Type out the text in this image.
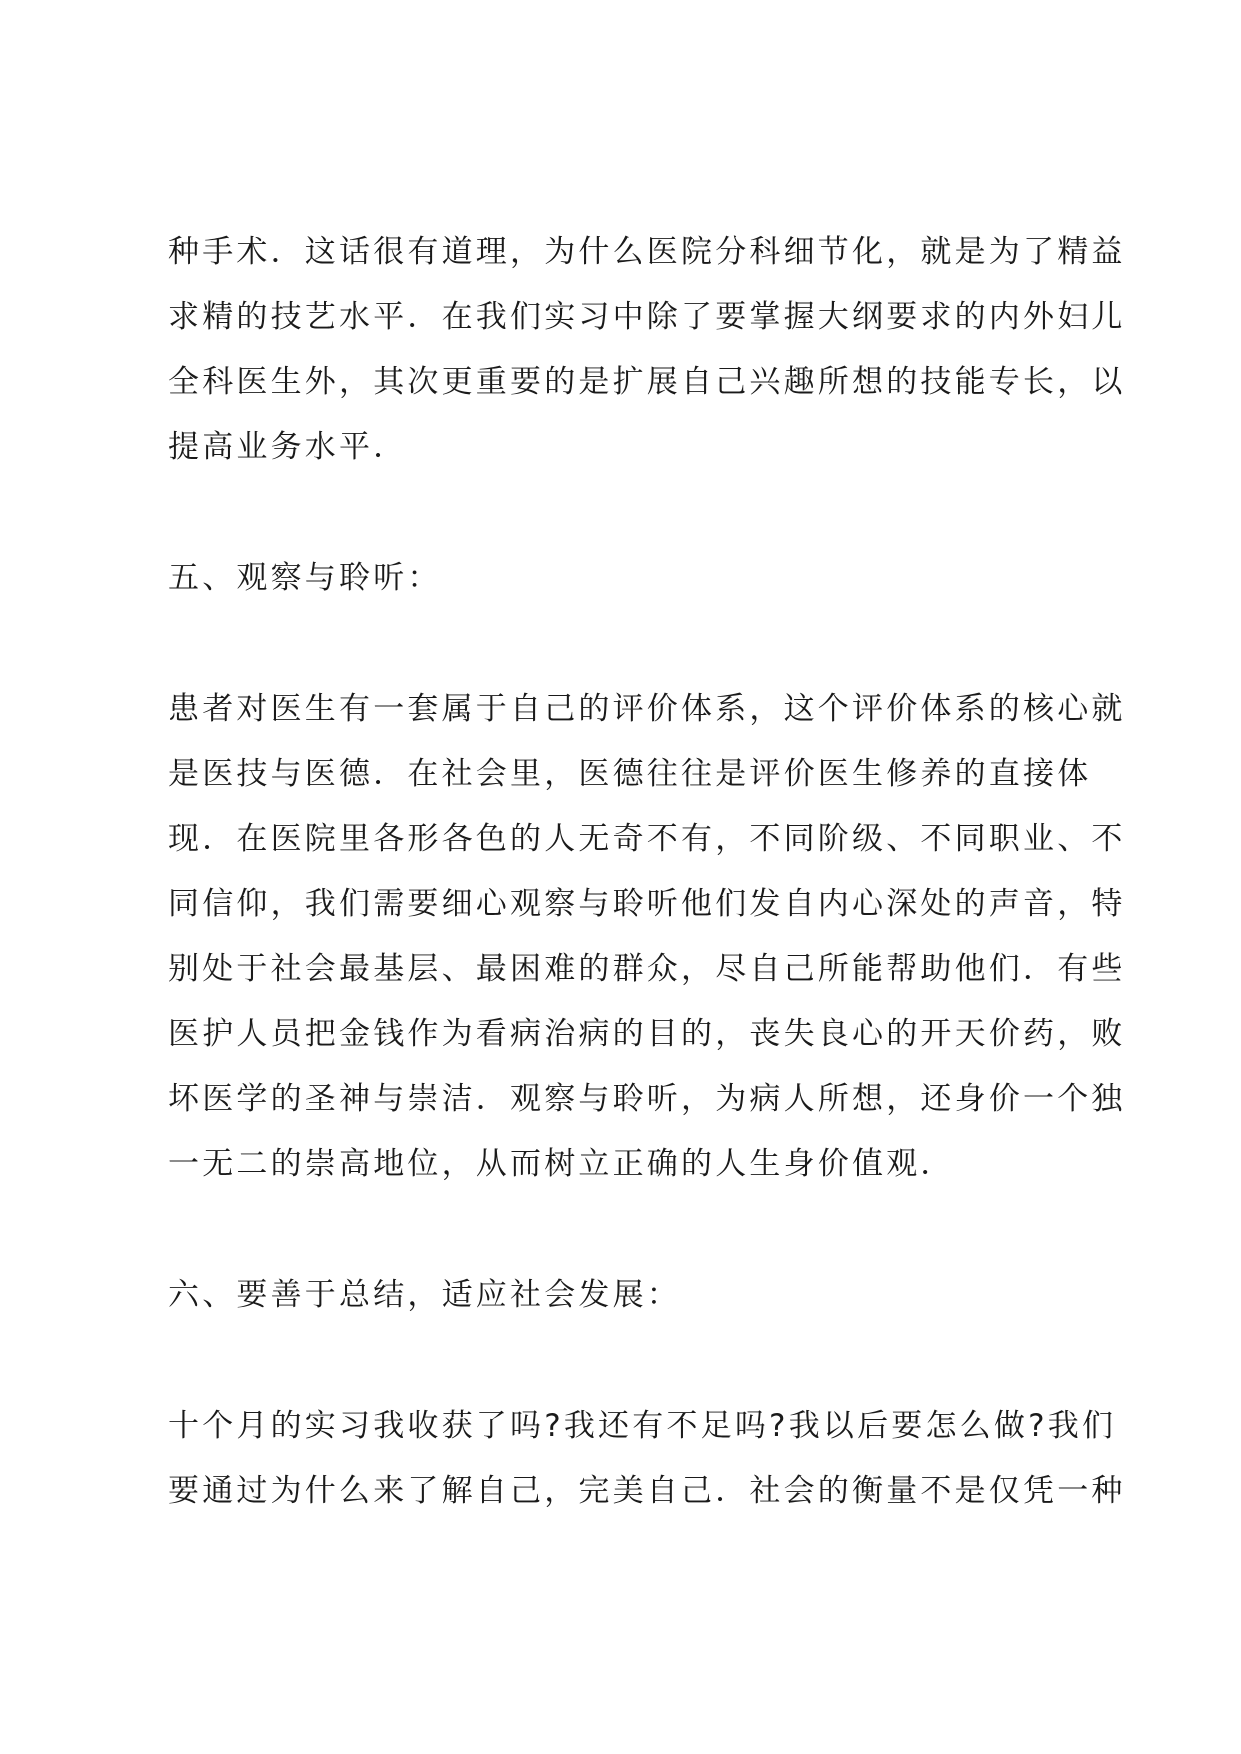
种手术．这话很有道理，为什么医院分科细节化，就是为了精益
求精的技艺水平．在我们实习中除了要掌握大纲要求的内外妇儿
全科医生外，其次更重要的是扩展自己兴趣所想的技能专长，以
提高业务水平．
五、观察与聆听：
患者对医生有一套属于自己的评价体系，这个评价体系的核心就
是医技与医德．在社会里，医德往往是评价医生修养的直接体
现．在医院里各形各色的人无奇不有，不同阶级、不同职业、不
同信仰，我们需要细心观察与聆听他们发自内心深处的声音，特
别处于社会最基层、最困难的群众，尽自己所能帮助他们．有些
医护人员把金钱作为看病治病的目的，丧失良心的开天价药，败
坏医学的圣神与崇洁．观察与聆听，为病人所想，还身价一个独
一无二的崇高地位，从而树立正确的人生身价值观．
六、要善于总结，适应社会发展：
十个月的实习我收获了吗?我还有不足吗?我以后要怎么做?我们
要通过为什么来了解自己，完美自己．社会的衡量不是仅凭一种
